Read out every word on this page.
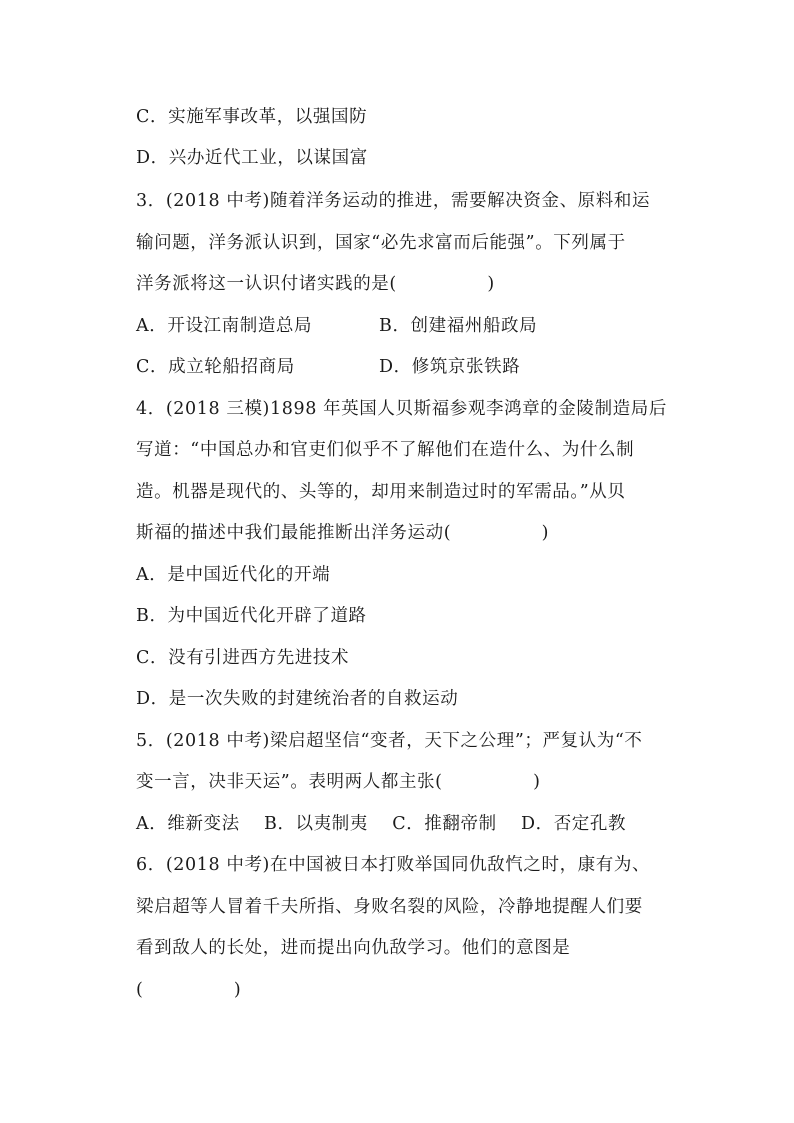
C．实施军事改革，以强国防
D．兴办近代工业，以谋国富
3．(2018 中考)随着洋务运动的推进，需要解决资金、原料和运
输问题，洋务派认识到，国家“必先求富而后能强”。下列属于
洋务派将这一认识付诸实践的是(　　　　　)
A．开设江南制造总局	B．创建福州船政局
C．成立轮船招商局	D．修筑京张铁路
4．(2018 三模)1898 年英国人贝斯福参观李鸿章的金陵制造局后
写道：“中国总办和官吏们似乎不了解他们在造什么、为什么制
造。机器是现代的、头等的，却用来制造过时的军需品。”从贝
斯福的描述中我们最能推断出洋务运动(　　　　　)
A．是中国近代化的开端
B．为中国近代化开辟了道路
C．没有引进西方先进技术
D．是一次失败的封建统治者的自救运动
5．(2018 中考)梁启超坚信“变者，天下之公理”；严复认为“不
变一言，决非天运”。表明两人都主张(　　　　　)
A．维新变法　 B．以夷制夷　 C．推翻帝制　 D．否定孔教
6．(2018 中考)在中国被日本打败举国同仇敌忾之时，康有为、
梁启超等人冒着千夫所指、身败名裂的风险，冷静地提醒人们要
看到敌人的长处，进而提出向仇敌学习。他们的意图是
(　　　　　)
